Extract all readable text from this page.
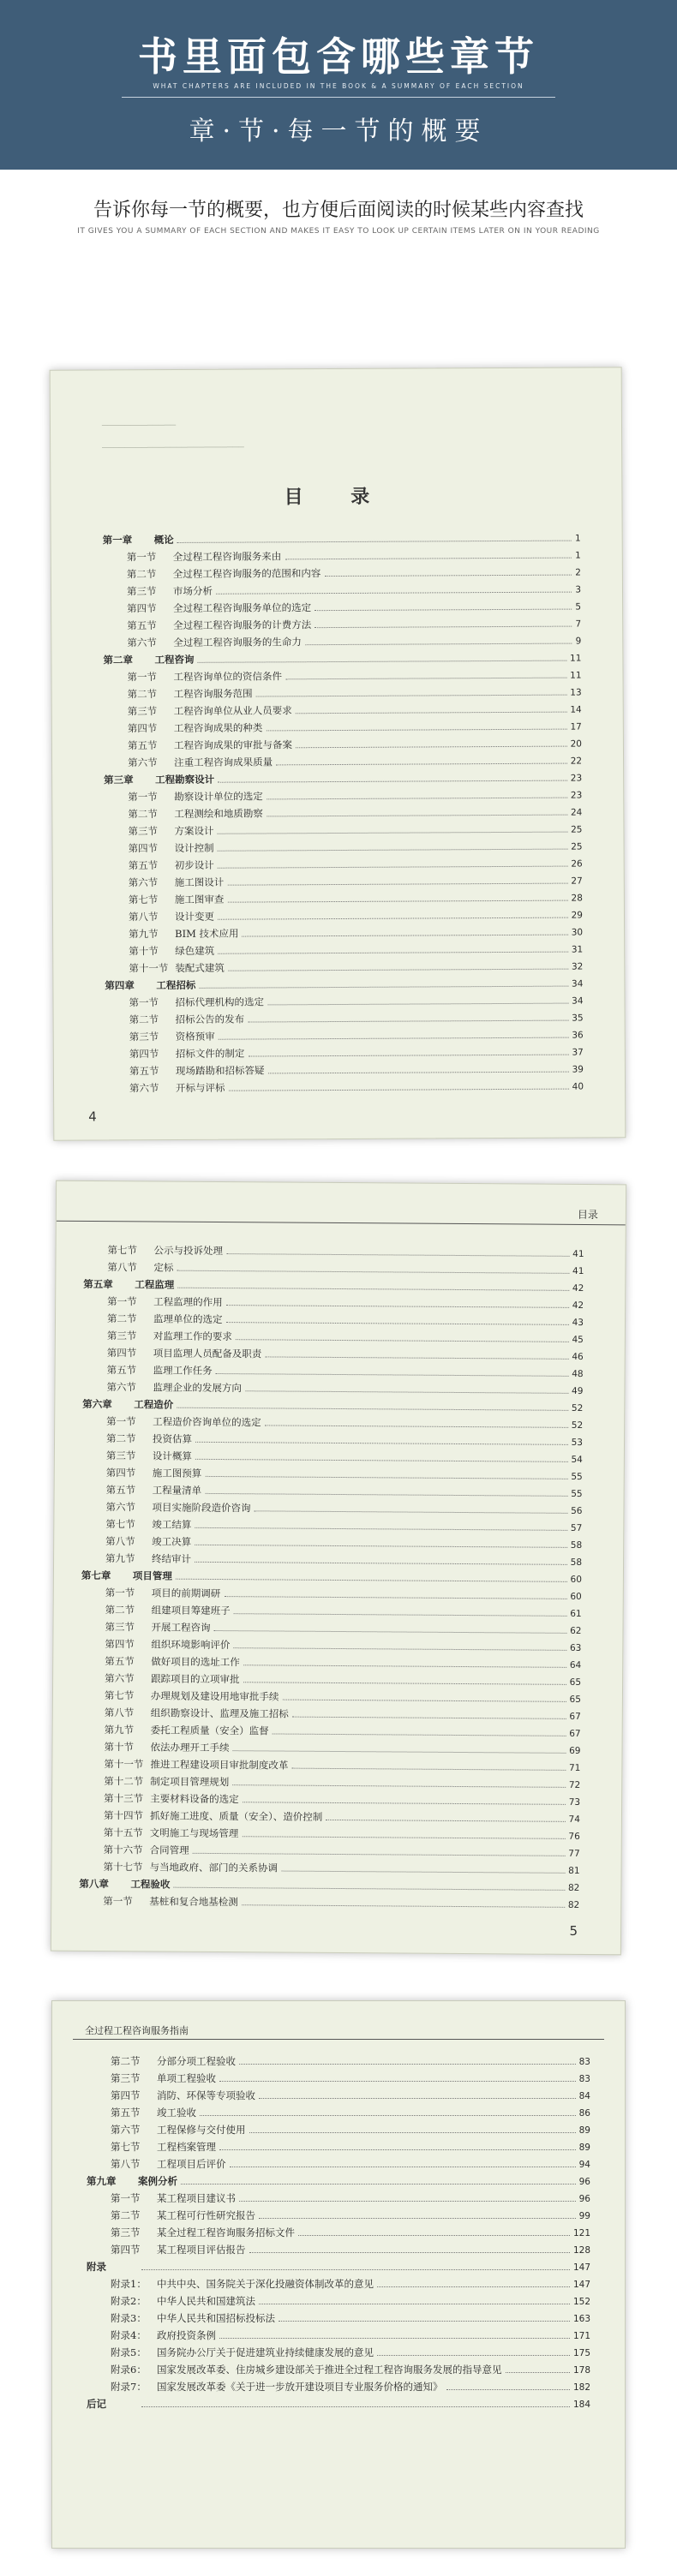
书里面包含哪些章节
WHAT CHAPTERS ARE INCLUDED IN THE BOOK & A SUMMARY OF EACH SECTION
章·节·每一节的概要
告诉你每一节的概要，也方便后面阅读的时候某些内容查找
IT GIVES YOU A SUMMARY OF EACH SECTION AND MAKES IT EASY TO LOOK UP CERTAIN ITEMS LATER ON IN YOUR READING
─────────────
─────────────────────────
目 录
第一章 概论	1
第一节 全过程工程咨询服务来由	1
第二节 全过程工程咨询服务的范围和内容	2
第三节 市场分析	3
第四节 全过程工程咨询服务单位的选定	5
第五节 全过程工程咨询服务的计费方法	7
第六节 全过程工程咨询服务的生命力	9
第二章 工程咨询	11
第一节 工程咨询单位的资信条件	11
第二节 工程咨询服务范围	13
第三节 工程咨询单位从业人员要求	14
第四节 工程咨询成果的种类	17
第五节 工程咨询成果的审批与备案	20
第六节 注重工程咨询成果质量	22
第三章 工程勘察设计	23
第一节 勘察设计单位的选定	23
第二节 工程测绘和地质勘察	24
第三节 方案设计	25
第四节 设计控制	25
第五节 初步设计	26
第六节 施工图设计	27
第七节 施工图审查	28
第八节 设计变更	29
第九节 BIM 技术应用	30
第十节 绿色建筑	31
第十一节 装配式建筑	32
第四章 工程招标	34
第一节 招标代理机构的选定	34
第二节 招标公告的发布	35
第三节 资格预审	36
第四节 招标文件的制定	37
第五节 现场踏勘和招标答疑	39
第六节 开标与评标	40
4
目录
第七节 公示与投诉处理	41
第八节 定标	41
第五章 工程监理	42
第一节 工程监理的作用	42
第二节 监理单位的选定	43
第三节 对监理工作的要求	45
第四节 项目监理人员配备及职责	46
第五节 监理工作任务	48
第六节 监理企业的发展方向	49
第六章 工程造价	52
第一节 工程造价咨询单位的选定	52
第二节 投资估算	53
第三节 设计概算	54
第四节 施工图预算	55
第五节 工程量清单	55
第六节 项目实施阶段造价咨询	56
第七节 竣工结算	57
第八节 竣工决算	58
第九节 终结审计	58
第七章 项目管理	60
第一节 项目的前期调研	60
第二节 组建项目筹建班子	61
第三节 开展工程咨询	62
第四节 组织环境影响评价	63
第五节 做好项目的选址工作	64
第六节 跟踪项目的立项审批	65
第七节 办理规划及建设用地审批手续	65
第八节 组织勘察设计、监理及施工招标	67
第九节 委托工程质量（安全）监督	67
第十节 依法办理开工手续	69
第十一节 推进工程建设项目审批制度改革	71
第十二节 制定项目管理规划	72
第十三节 主要材料设备的选定	73
第十四节 抓好施工进度、质量（安全）、造价控制	74
第十五节 文明施工与现场管理	76
第十六节 合同管理	77
第十七节 与当地政府、部门的关系协调	81
第八章 工程验收	82
第一节 基桩和复合地基检测	82
5
全过程工程咨询服务指南
第二节 分部分项工程验收	83
第三节 单项工程验收	83
第四节 消防、环保等专项验收	84
第五节 竣工验收	86
第六节 工程保修与交付使用	89
第七节 工程档案管理	89
第八节 工程项目后评价	94
第九章 案例分析	96
第一节 某工程项目建议书	96
第二节 某工程可行性研究报告	99
第三节 某全过程工程咨询服务招标文件	121
第四节 某工程项目评估报告	128
附录	147
附录1： 中共中央、国务院关于深化投融资体制改革的意见	147
附录2： 中华人民共和国建筑法	152
附录3： 中华人民共和国招标投标法	163
附录4： 政府投资条例	171
附录5： 国务院办公厅关于促进建筑业持续健康发展的意见	175
附录6： 国家发展改革委、住房城乡建设部关于推进全过程工程咨询服务发展的指导意见	178
附录7： 国家发展改革委《关于进一步放开建设项目专业服务价格的通知》	182
后记	184
